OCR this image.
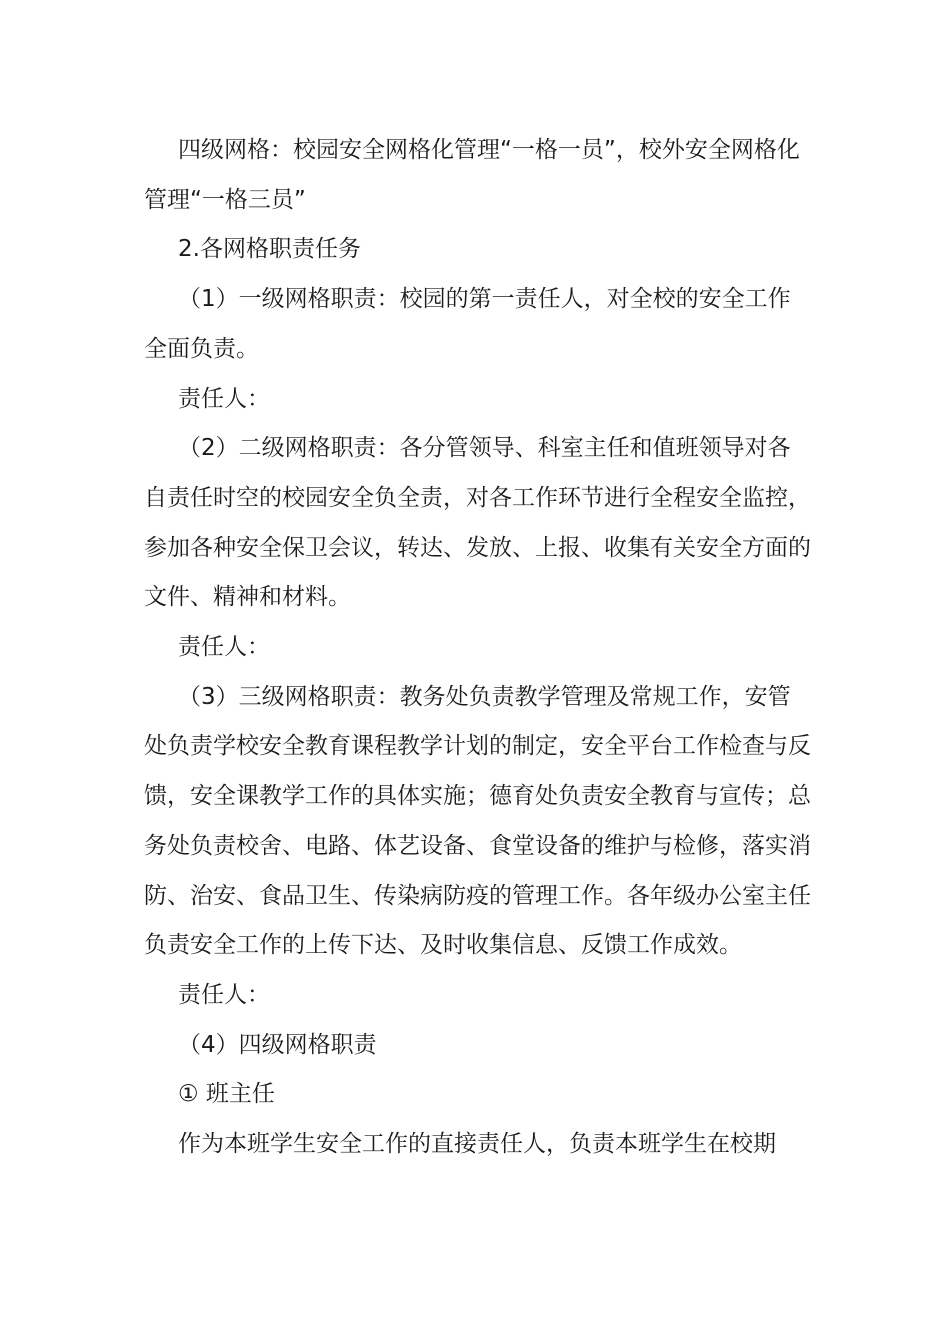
四级网格：校园安全网格化管理“一格一员”，校外安全网格化管理“一格三员”

2.各网格职责任务

（1）一级网格职责：校园的第一责任人，对全校的安全工作全面负责。

责任人：

（2）二级网格职责：各分管领导、科室主任和值班领导对各自责任时空的校园安全负全责，对各工作环节进行全程安全监控，参加各种安全保卫会议，转达、发放、上报、收集有关安全方面的文件、精神和材料。

责任人：

（3）三级网格职责：教务处负责教学管理及常规工作，安管处负责学校安全教育课程教学计划的制定，安全平台工作检查与反馈，安全课教学工作的具体实施；德育处负责安全教育与宣传；总务处负责校舍、电路、体艺设备、食堂设备的维护与检修，落实消防、治安、食品卫生、传染病防疫的管理工作。各年级办公室主任负责安全工作的上传下达、及时收集信息、反馈工作成效。

责任人：

（4）四级网格职责

① 班主任

作为本班学生安全工作的直接责任人，负责本班学生在校期
